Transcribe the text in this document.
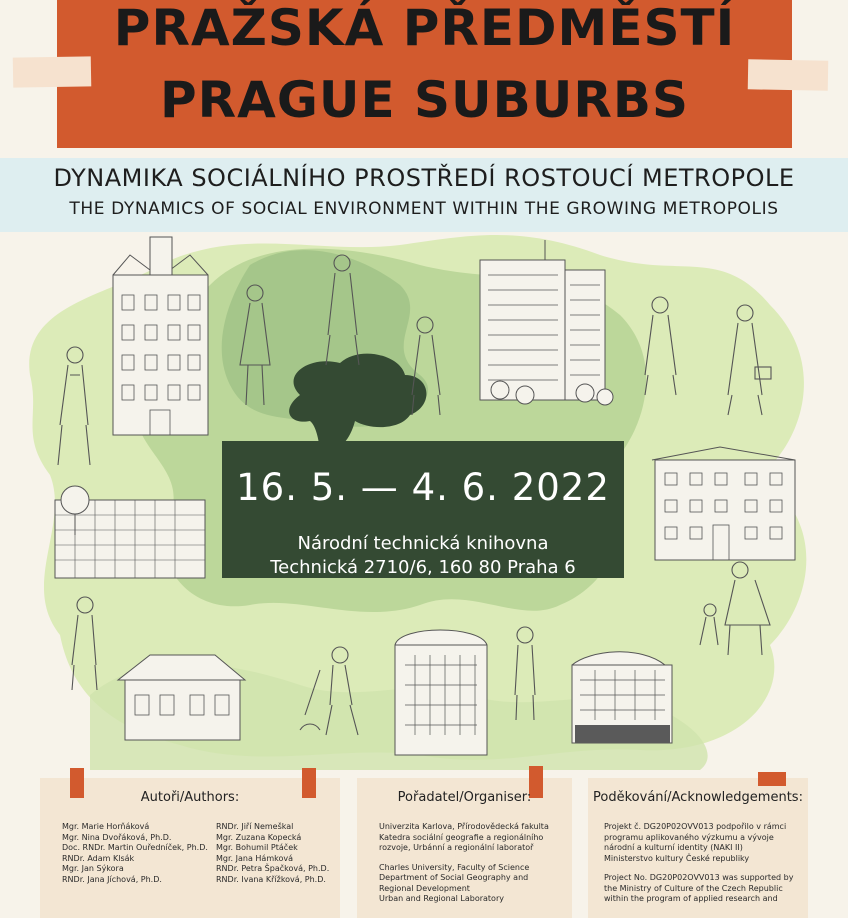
PRAŽSKÁ PŘEDMĚSTÍ
PRAGUE SUBURBS
DYNAMIKA SOCIÁLNÍHO PROSTŘEDÍ ROSTOUCÍ METROPOLE
THE DYNAMICS OF SOCIAL ENVIRONMENT WITHIN THE GROWING METROPOLIS
16. 5. — 4. 6. 2022
Národní technická knihovna
Technická 2710/6, 160 80 Praha 6
Autoři/Authors:
Mgr. Marie Horňáková
Mgr. Nina Dvořáková, Ph.D.
Doc. RNDr. Martin Ouředníček, Ph.D.
RNDr. Adam Klsák
Mgr. Jan Sýkora
RNDr. Jana Jíchová, Ph.D.
RNDr. Jiří Nemeškal
Mgr. Zuzana Kopecká
Mgr. Bohumil Ptáček
Mgr. Jana Hámková
RNDr. Petra Špačková, Ph.D.
RNDr. Ivana Křížková, Ph.D.
Pořadatel/Organiser:
Univerzita Karlova, Přírodovědecká fakulta
Katedra sociální geografie a regionálního
rozvoje, Urbánní a regionální laboratoř
Charles University, Faculty of Science
Department of Social Geography and
Regional Development
Urban and Regional Laboratory
Poděkování/Acknowledgements:
Projekt č. DG20P02OVV013 podpořilo v rámci
programu aplikovaného výzkumu a vývoje
národní a kulturní identity (NAKI II)
Ministerstvo kultury České republiky
Project No. DG20P02OVV013 was supported by
the Ministry of Culture of the Czech Republic
within the program of applied research and
